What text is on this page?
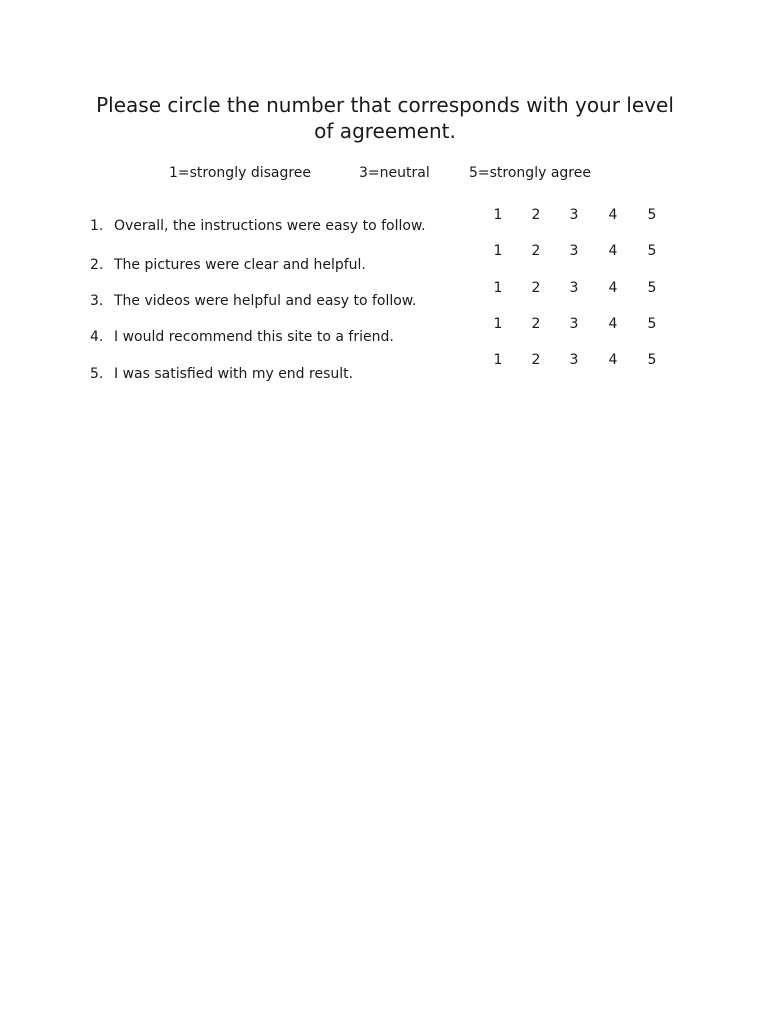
Please circle the number that corresponds with your level of agreement.
1=strongly disagree	3=neutral	5=strongly agree
1. Overall, the instructions were easy to follow.
2. The pictures were clear and helpful.
3. The videos were helpful and easy to follow.
4. I would recommend this site to a friend.
5. I was satisfied with my end result.
1 2 3 4 5
1 2 3 4 5
1 2 3 4 5
1 2 3 4 5
1 2 3 4 5
